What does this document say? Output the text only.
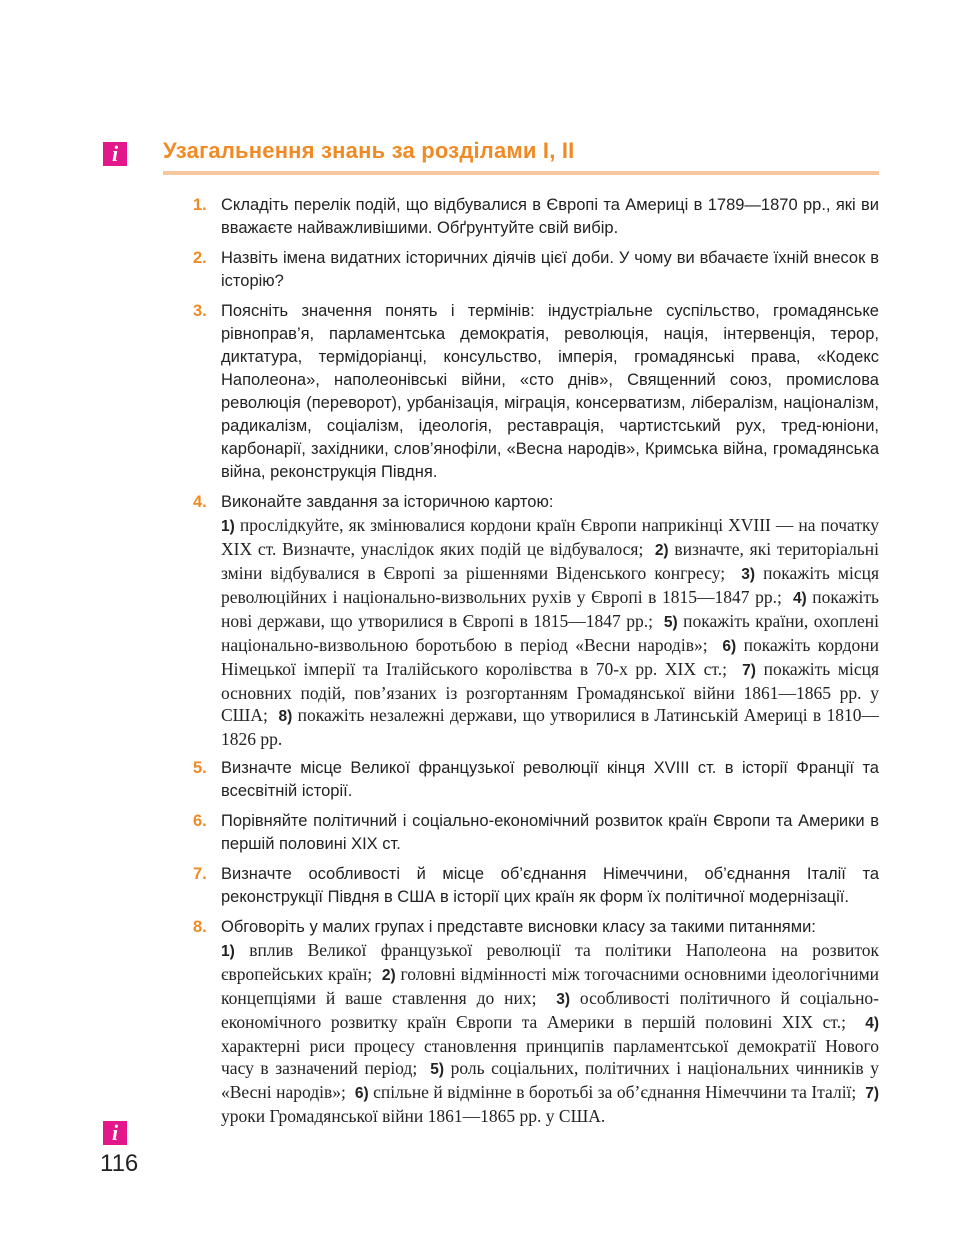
i	Узагальнення знань за розділами І, ІІ
1. Складіть перелік подій, що відбувалися в Європі та Америці в 1789—1870 рр., які ви вважаєте найважливішими. Обґрунтуйте свій вибір.

2. Назвіть імена видатних історичних діячів цієї доби. У чому ви вбачаєте їхній внесок в історію?

3. Поясніть значення понять і термінів: індустріальне суспільство, громадянське рівноправ’я, парламентська демократія, революція, нація, інтервенція, терор, диктатура, термідоріанці, консульство, імперія, громадянські права, «Кодекс Наполеона», наполеонівські війни, «сто днів», Священний союз, промислова революція (переворот), урбанізація, міграція, консерватизм, лібералізм, націоналізм, радикалізм, соціалізм, ідеологія, реставрація, чартистський рух, тред-юніони, карбонарії, західники, слов’янофіли, «Весна народів», Кримська війна, громадянська війна, реконструкція Півдня.

4. Виконайте завдання за історичною картою:

1) прослідкуйте, як змінювалися кордони країн Європи наприкінці XVIII — на початку XIX ст. Визначте, унаслідок яких подій це відбувалося; 2) визначте, які територіальні зміни відбувалися в Європі за рішеннями Віденського конгресу; 3) покажіть місця революційних і національно-визвольних рухів у Європі в 1815—1847 рр.; 4) покажіть нові держави, що утворилися в Європі в 1815—1847 рр.; 5) покажіть країни, охоплені національно-визвольною боротьбою в період «Весни народів»; 6) покажіть кордони Німецької імперії та Італійського королівства в 70-х рр. XIX ст.; 7) покажіть місця основних подій, пов’язаних із розгортанням Громадянської війни 1861—1865 рр. у США; 8) покажіть незалежні держави, що утворилися в Латинській Америці в 1810—1826 рр.

5. Визначте місце Великої французької революції кінця XVIII ст. в історії Франції та всесвітній історії.

6. Порівняйте політичний і соціально-економічний розвиток країн Європи та Америки в першій половині XIX ст.

7. Визначте особливості й місце об’єднання Німеччини, об’єднання Італії та реконструкції Півдня в США в історії цих країн як форм їх політичної модернізації.

8. Обговоріть у малих групах і представте висновки класу за такими питаннями:

1) вплив Великої французької революції та політики Наполеона на розвиток європейських країн; 2) головні відмінності між тогочасними основними ідеологічними концепціями й ваше ставлення до них; 3) особливості політичного й соціально-економічного розвитку країн Європи та Америки в першій половині XIX ст.; 4) характерні риси процесу становлення принципів парламентської демократії Нового часу в зазначений період; 5) роль соціальних, політичних і національних чинників у «Весні народів»; 6) спільне й відмінне в боротьбі за об’єднання Німеччини та Італії; 7) уроки Громадянської війни 1861—1865 рр. у США.

i

116
